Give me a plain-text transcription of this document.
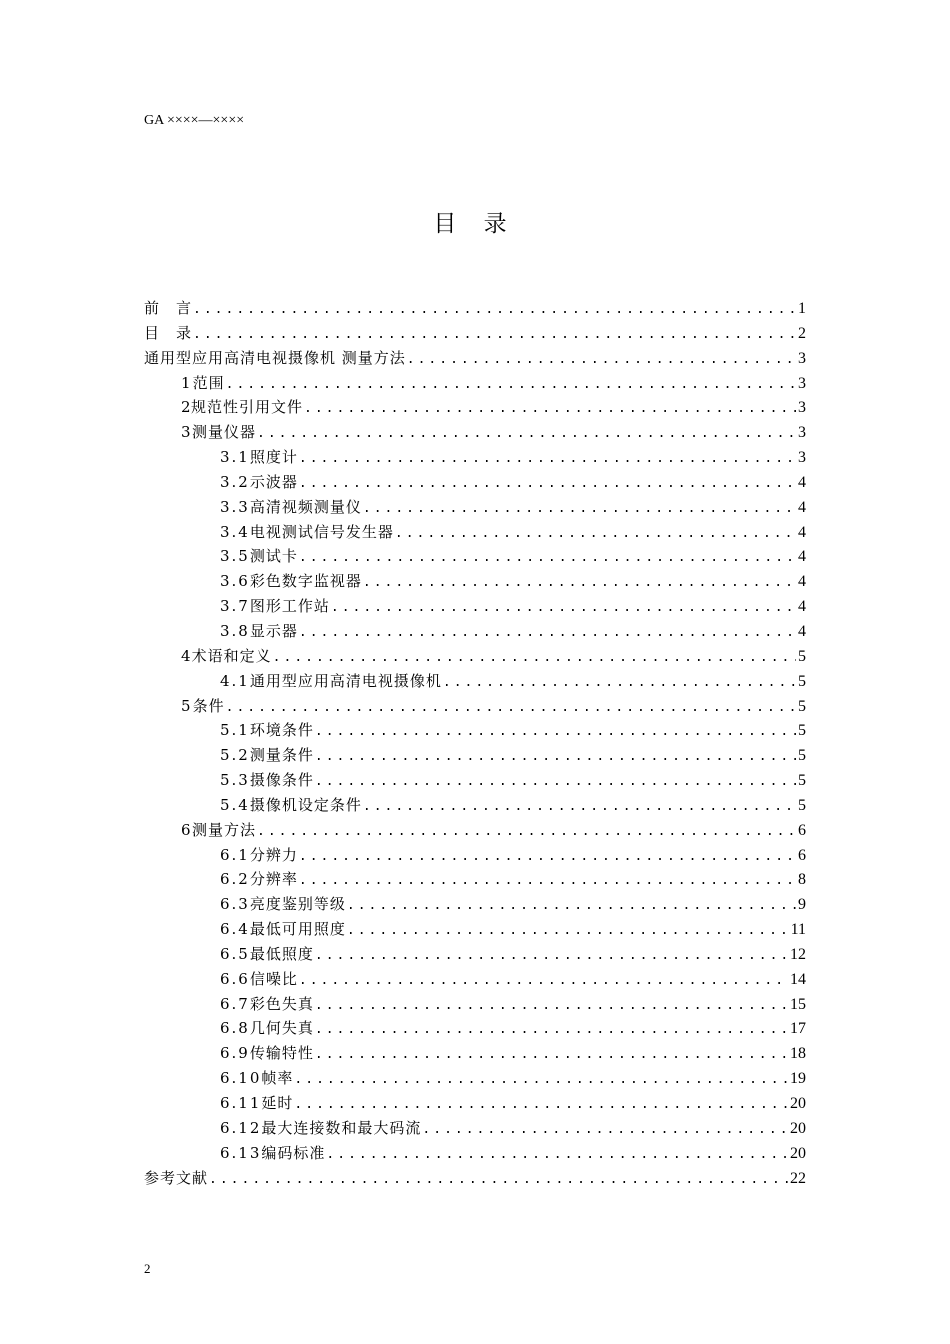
GA ××××—××××
目 录
前　言 .....	1
目　录 .....	2
通用型应用高清电视摄像机 测量方法 .....	3
1 范围 .....	3
2 规范性引用文件 .....	3
3 测量仪器 .....	3
3.1 照度计 .....	3
3.2 示波器 .....	4
3.3 高清视频测量仪 .....	4
3.4 电视测试信号发生器 .....	4
3.5 测试卡 .....	4
3.6 彩色数字监视器 .....	4
3.7 图形工作站 .....	4
3.8 显示器 .....	4
4 术语和定义 .....	5
4.1 通用型应用高清电视摄像机 .....	5
5 条件 .....	5
5.1 环境条件 .....	5
5.2 测量条件 .....	5
5.3 摄像条件 .....	5
5.4 摄像机设定条件 .....	5
6 测量方法 .....	6
6.1 分辨力 .....	6
6.2 分辨率 .....	8
6.3 亮度鉴别等级 .....	9
6.4 最低可用照度 .....	11
6.5 最低照度 .....	12
6.6 信噪比 .....	14
6.7 彩色失真 .....	15
6.8 几何失真 .....	17
6.9 传输特性 .....	18
6.10 帧率 .....	19
6.11 延时 .....	20
6.12 最大连接数和最大码流 .....	20
6.13 编码标准 .....	20
参考文献 .....	22
2
